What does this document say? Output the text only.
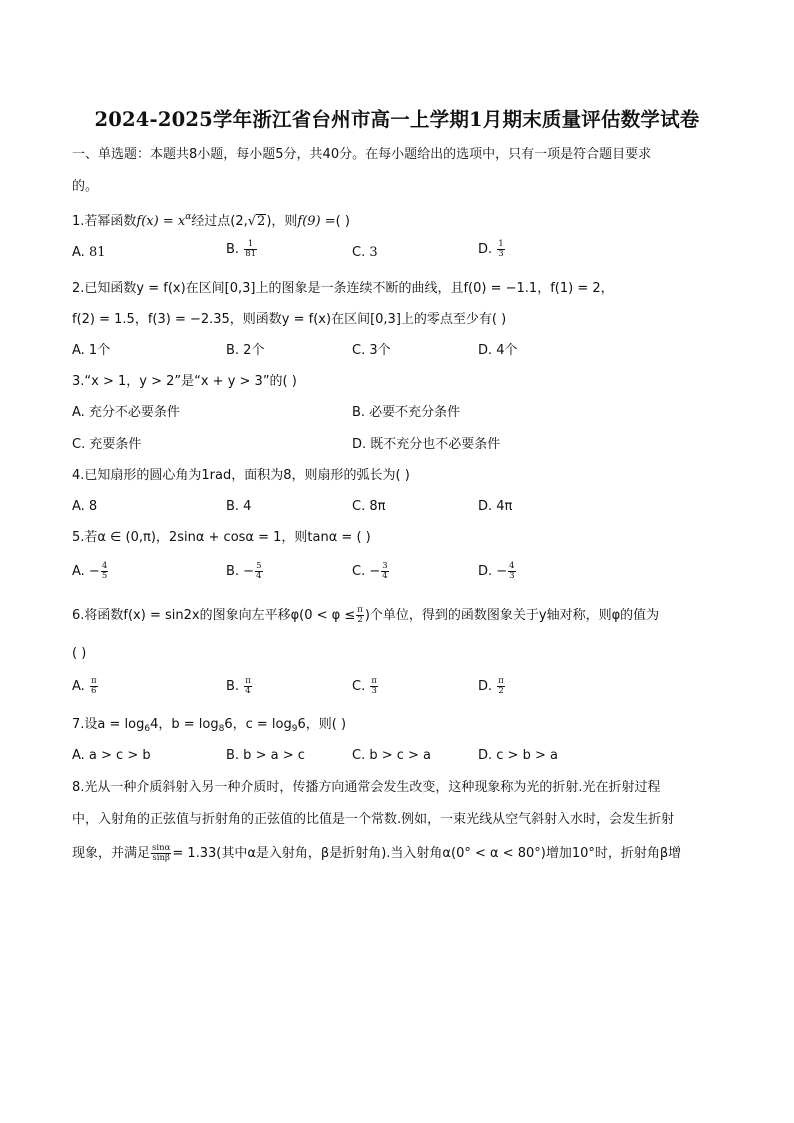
2024-2025学年浙江省台州市高一上学期1月期末质量评估数学试卷
一、单选题：本题共8小题，每小题5分，共40分。在每小题给出的选项中，只有一项是符合题目要求
的。
1.若幂函数$f(x) = x^\alpha$经过点(2,√2)，则f(9) =( )
A. 81	B. $\frac{1}{81}$	C. 3	D. $\frac{1}{3}$
2.已知函数y = f(x)在区间[0,3]上的图象是一条连续不断的曲线，且f(0) = −1.1，f(1) = 2，
f(2) = 1.5，f(3) = −2.35，则函数y = f(x)在区间[0,3]上的零点至少有( )
A. 1个	B. 2个	C. 3个	D. 4个
3.“x > 1，y > 2”是“x + y > 3”的( )
A. 充分不必要条件	B. 必要不充分条件
C. 充要条件	D. 既不充分也不必要条件
4.已知扇形的圆心角为1rad，面积为8，则扇形的弧长为( )
A. 8	B. 4	C. 8π	D. 4π
5.若α ∈ (0,π)，2sinα + cosα = 1，则tanα = ( )
A. − $\frac{4}{5}$	B. − $\frac{5}{4}$	C. − $\frac{3}{4}$	D. − $\frac{4}{3}$
6.将函数f(x) = sin2x的图象向左平移$\varphi(0 < \varphi \le \frac{\pi}{2}$ )个单位，得到的函数图象关于y轴对称，则φ的值为
( )
A. $\frac{\pi}{6}$	B. $\frac{\pi}{4}$	C. $\frac{\pi}{3}$	D. $\frac{\pi}{2}$
7.设$a = \log_64$，$b = \log_86$，$c = \log_96$，则( )
A. a > c > b	B. b > a > c	C. b > c > a	D. c > b > a
8.光从一种介质斜射入另一种介质时，传播方向通常会发生改变，这种现象称为光的折射.光在折射过程
中，入射角的正弦值与折射角的正弦值的比值是一个常数.例如，一束光线从空气斜射入水时，会发生折射
现象，并满足 $\frac{\sin\alpha}{\sin\beta} = 1.33$(其中α是入射角，β是折射角).当入射角α(0° < α < 80°)增加10°时，折射角β增
